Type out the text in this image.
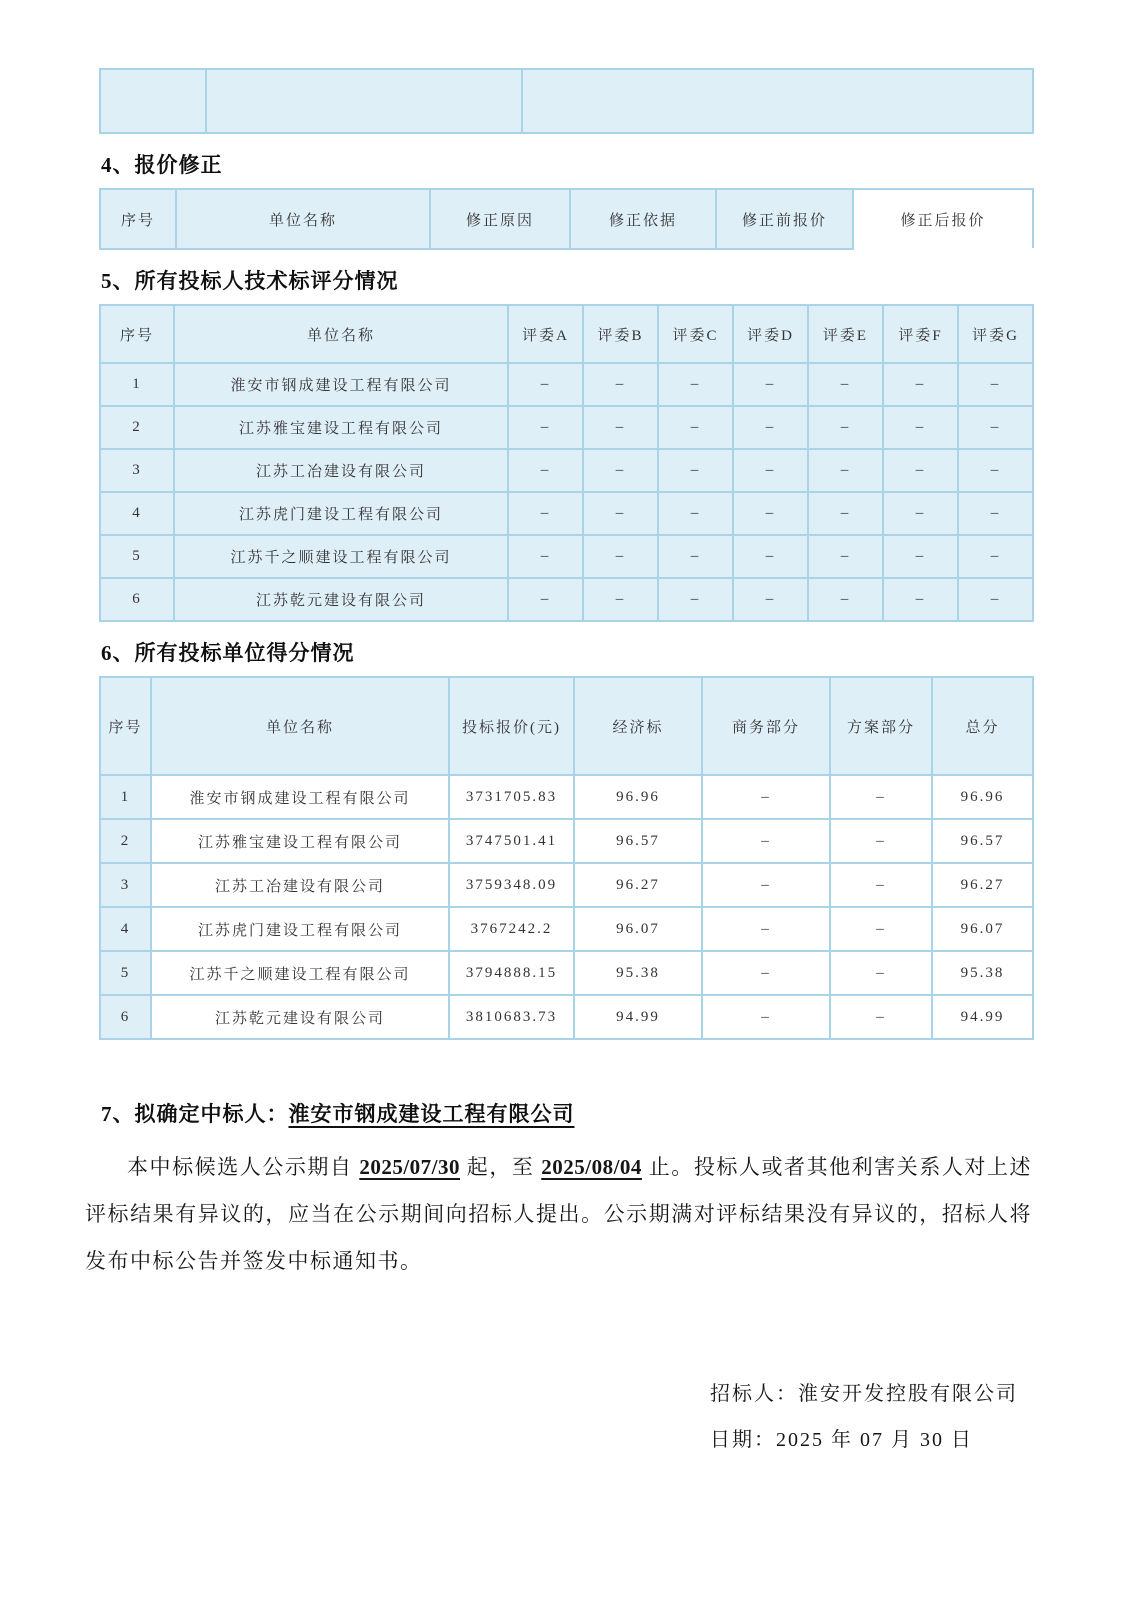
4、报价修正
序号	单位名称	修正原因	修正依据	修正前报价	修正后报价
5、所有投标人技术标评分情况
序号	单位名称	评委A	评委B	评委C	评委D	评委E	评委F	评委G
1	淮安市钢成建设工程有限公司	–	–	–	–	–	–	–
2	江苏雅宝建设工程有限公司	–	–	–	–	–	–	–
3	江苏工冶建设有限公司	–	–	–	–	–	–	–
4	江苏虎门建设工程有限公司	–	–	–	–	–	–	–
5	江苏千之顺建设工程有限公司	–	–	–	–	–	–	–
6	江苏乾元建设有限公司	–	–	–	–	–	–	–
6、所有投标单位得分情况
序号	单位名称	投标报价(元)	经济标	商务部分	方案部分	总分
1	淮安市钢成建设工程有限公司	3731705.83	96.96	–	–	96.96
2	江苏雅宝建设工程有限公司	3747501.41	96.57	–	–	96.57
3	江苏工冶建设有限公司	3759348.09	96.27	–	–	96.27
4	江苏虎门建设工程有限公司	3767242.2	96.07	–	–	96.07
5	江苏千之顺建设工程有限公司	3794888.15	95.38	–	–	95.38
6	江苏乾元建设有限公司	3810683.73	94.99	–	–	94.99
7、拟确定中标人：淮安市钢成建设工程有限公司

本中标候选人公示期自 2025/07/30 起，至 2025/08/04 止。投标人或者其他利害关系人对上述评标结果有异议的，应当在公示期间向招标人提出。公示期满对评标结果没有异议的，招标人将发布中标公告并签发中标通知书。

招标人：淮安开发控股有限公司
日期：2025 年 07 月 30 日
